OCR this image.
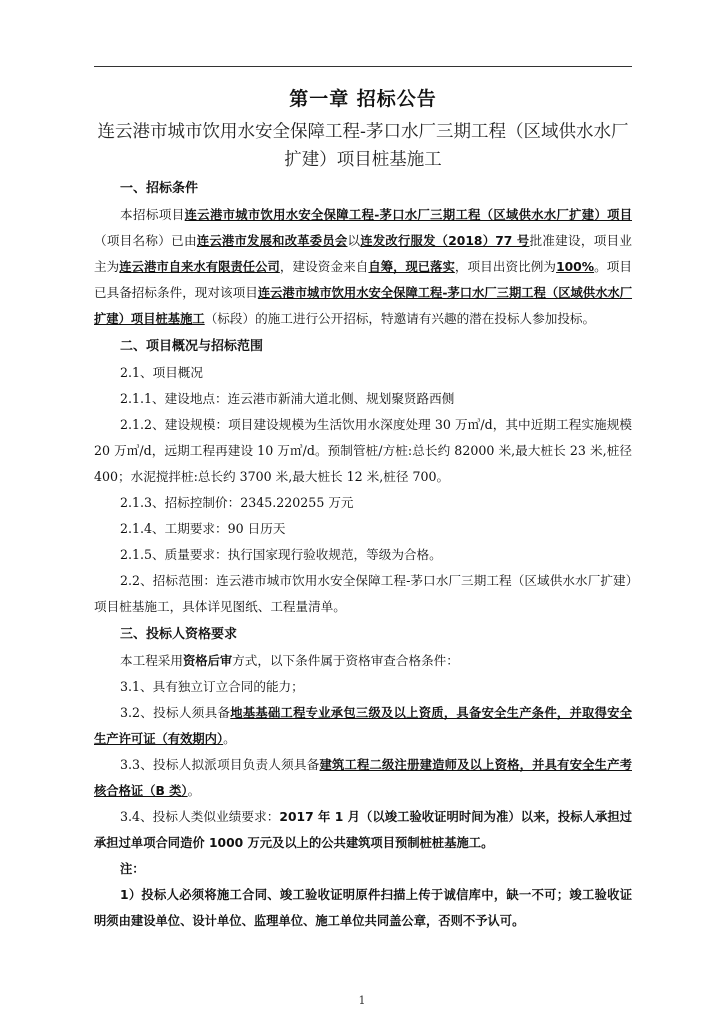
第一章 招标公告
连云港市城市饮用水安全保障工程-茅口水厂三期工程（区域供水水厂扩建）项目桩基施工
一、招标条件

本招标项目连云港市城市饮用水安全保障工程-茅口水厂三期工程（区域供水水厂扩建）项目（项目名称）已由连云港市发展和改革委员会以连发改行服发（2018）77 号批准建设，项目业主为连云港市自来水有限责任公司，建设资金来自自筹，现已落实，项目出资比例为100%。项目已具备招标条件，现对该项目连云港市城市饮用水安全保障工程-茅口水厂三期工程（区域供水水厂扩建）项目桩基施工（标段）的施工进行公开招标，特邀请有兴趣的潜在投标人参加投标。

二、项目概况与招标范围

2.1、项目概况

2.1.1、建设地点：连云港市新浦大道北侧、规划聚贤路西侧

2.1.2、建设规模：项目建设规模为生活饮用水深度处理 30 万㎥/d，其中近期工程实施规模 20 万㎥/d，远期工程再建设 10 万㎥/d。预制管桩/方桩:总长约 82000 米,最大桩长 23 米,桩径 400；水泥搅拌桩:总长约 3700 米,最大桩长 12 米,桩径 700。

2.1.3、招标控制价：2345.220255 万元

2.1.4、工期要求：90 日历天

2.1.5、质量要求：执行国家现行验收规范，等级为合格。

2.2、招标范围：连云港市城市饮用水安全保障工程-茅口水厂三期工程（区域供水水厂扩建）项目桩基施工，具体详见图纸、工程量清单。

三、投标人资格要求

本工程采用资格后审方式，以下条件属于资格审查合格条件：

3.1、具有独立订立合同的能力；

3.2、投标人须具备地基基础工程专业承包三级及以上资质，具备安全生产条件，并取得安全生产许可证（有效期内）。

3.3、投标人拟派项目负责人须具备建筑工程二级注册建造师及以上资格，并具有安全生产考核合格证（B 类）。

3.4、投标人类似业绩要求：2017 年 1 月（以竣工验收证明时间为准）以来，投标人承担过承担过单项合同造价 1000 万元及以上的公共建筑项目预制桩桩基施工。

注：

1）投标人必须将施工合同、竣工验收证明原件扫描上传于诚信库中，缺一不可；竣工验收证明须由建设单位、设计单位、监理单位、施工单位共同盖公章，否则不予认可。

1
